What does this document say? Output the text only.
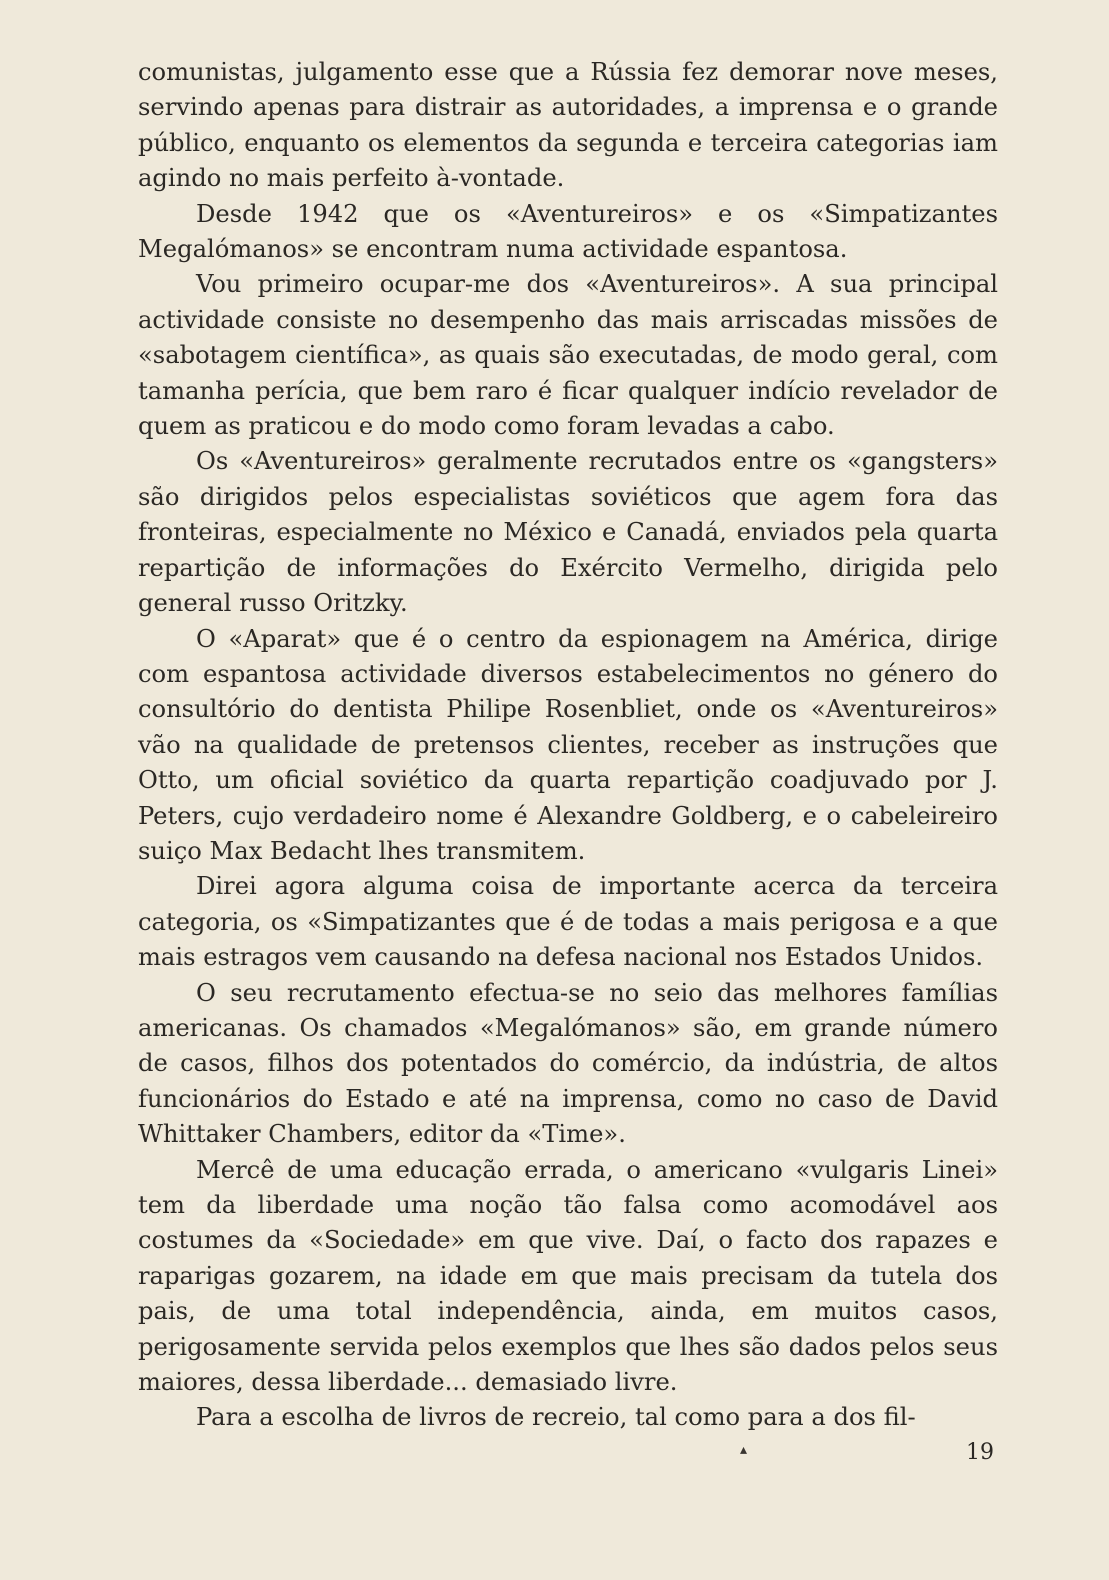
comunistas, julgamento esse que a Rússia fez demorar nove meses, servindo apenas para distrair as autoridades, a imprensa e o grande público, enquanto os elementos da segunda e terceira categorias iam agindo no mais perfeito à-vontade.

Desde 1942 que os «Aventureiros» e os «Simpatizantes Megalómanos» se encontram numa actividade espantosa.

Vou primeiro ocupar-me dos «Aventureiros». A sua principal actividade consiste no desempenho das mais arriscadas missões de «sabotagem científica», as quais são executadas, de modo geral, com tamanha perícia, que bem raro é ficar qualquer indício revelador de quem as praticou e do modo como foram levadas a cabo.

Os «Aventureiros» geralmente recrutados entre os «gangsters» são dirigidos pelos especialistas soviéticos que agem fora das fronteiras, especialmente no México e Canadá, enviados pela quarta repartição de informações do Exército Vermelho, dirigida pelo general russo Oritzky.

O «Aparat» que é o centro da espionagem na América, dirige com espantosa actividade diversos estabelecimentos no género do consultório do dentista Philipe Rosenbliet, onde os «Aventureiros» vão na qualidade de pretensos clientes, receber as instruções que Otto, um oficial soviético da quarta repartição coadjuvado por J. Peters, cujo verdadeiro nome é Alexandre Goldberg, e o cabeleireiro suiço Max Bedacht lhes transmitem.

Direi agora alguma coisa de importante acerca da terceira categoria, os «Simpatizantes que é de todas a mais perigosa e a que mais estragos vem causando na defesa nacional nos Estados Unidos.

O seu recrutamento efectua-se no seio das melhores famílias americanas. Os chamados «Megalómanos» são, em grande número de casos, filhos dos potentados do comércio, da indústria, de altos funcionários do Estado e até na imprensa, como no caso de David Whittaker Chambers, editor da «Time».

Mercê de uma educação errada, o americano «vulgaris Linei» tem da liberdade uma noção tão falsa como acomodável aos costumes da «Sociedade» em que vive. Daí, o facto dos rapazes e raparigas gozarem, na idade em que mais precisam da tutela dos pais, de uma total independência, ainda, em muitos casos, perigosamente servida pelos exemplos que lhes são dados pelos seus maiores, dessa liberdade... demasiado livre.

Para a escolha de livros de recreio, tal como para a dos fil-

▴	19
